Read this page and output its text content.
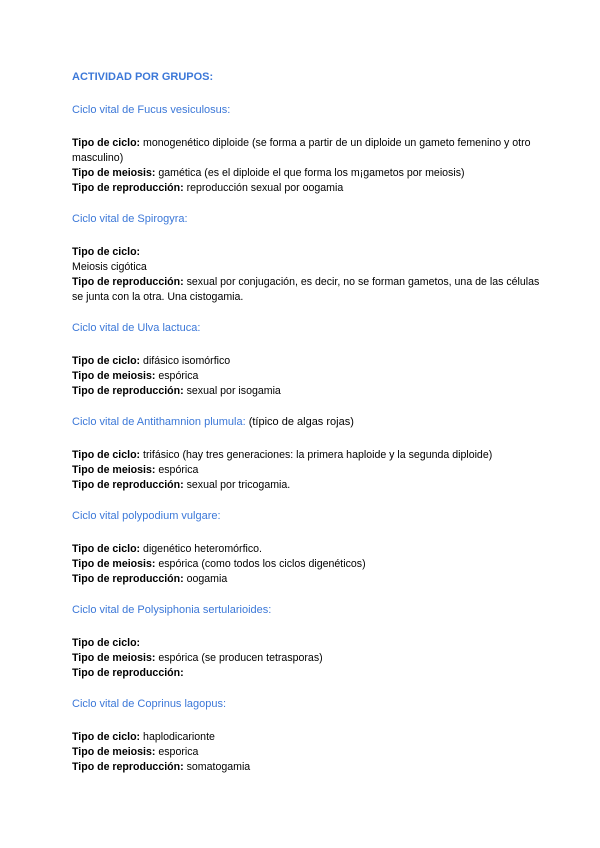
ACTIVIDAD POR GRUPOS:
Ciclo vital de Fucus vesiculosus:

Tipo de ciclo: monogenético diploide (se forma a partir de un diploide un gameto femenino y otro masculino)

Tipo de meiosis: gamética (es el diploide el que forma los m¡gametos por meiosis)

Tipo de reproducción: reproducción sexual por oogamia

Ciclo vital de Spirogyra:

Tipo de ciclo:

Meiosis cigótica

Tipo de reproducción: sexual por conjugación, es decir, no se forman gametos, una de las células se junta con la otra. Una cistogamia.

Ciclo vital de Ulva lactuca:

Tipo de ciclo: difásico isomórfico

Tipo de meiosis: espórica

Tipo de reproducción: sexual por isogamia

Ciclo vital de Antithamnion plumula: (típico de algas rojas)

Tipo de ciclo: trifásico (hay tres generaciones: la primera haploide y la segunda diploide)

Tipo de meiosis: espórica

Tipo de reproducción: sexual por tricogamia.

Ciclo vital polypodium vulgare:

Tipo de ciclo: digenético heteromórfico.

Tipo de meiosis: espórica (como todos los ciclos digenéticos)

Tipo de reproducción: oogamia

Ciclo vital de Polysiphonia sertularioides:

Tipo de ciclo:

Tipo de meiosis: espórica (se producen tetrasporas)

Tipo de reproducción:

Ciclo vital de Coprinus lagopus:

Tipo de ciclo: haplodicarionte

Tipo de meiosis: esporica

Tipo de reproducción: somatogamia
